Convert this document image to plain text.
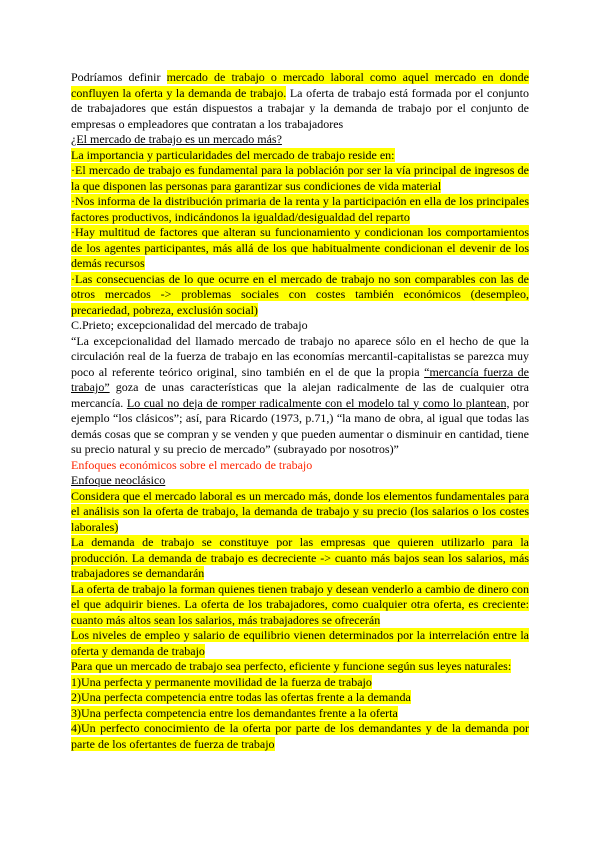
Podríamos definir mercado de trabajo o mercado laboral como aquel mercado en donde confluyen la oferta y la demanda de trabajo. La oferta de trabajo está formada por el conjunto de trabajadores que están dispuestos a trabajar y la demanda de trabajo por el conjunto de empresas o empleadores que contratan a los trabajadores

¿El mercado de trabajo es un mercado más?

La importancia y particularidades del mercado de trabajo reside en:

·El mercado de trabajo es fundamental para la población por ser la vía principal de ingresos de la que disponen las personas para garantizar sus condiciones de vida material

·Nos informa de la distribución primaria de la renta y la participación en ella de los principales factores productivos, indicándonos la igualdad/desigualdad del reparto

·Hay multitud de factores que alteran su funcionamiento y condicionan los comportamientos de los agentes participantes, más allá de los que habitualmente condicionan el devenir de los demás recursos

·Las consecuencias de lo que ocurre en el mercado de trabajo no son comparables con las de otros mercados -> problemas sociales con costes también económicos (desempleo, precariedad, pobreza, exclusión social)

C.Prieto; excepcionalidad del mercado de trabajo

“La excepcionalidad del llamado mercado de trabajo no aparece sólo en el hecho de que la circulación real de la fuerza de trabajo en las economías mercantil-capitalistas se parezca muy poco al referente teórico original, sino también en el de que la propia “mercancía fuerza de trabajo” goza de unas características que la alejan radicalmente de las de cualquier otra mercancía. Lo cual no deja de romper radicalmente con el modelo tal y como lo plantean, por ejemplo “los clásicos”; así, para Ricardo (1973, p.71,) “la mano de obra, al igual que todas las demás cosas que se compran y se venden y que pueden aumentar o disminuir en cantidad, tiene su precio natural y su precio de mercado” (subrayado por nosotros)”

Enfoques económicos sobre el mercado de trabajo

Enfoque neoclásico

Considera que el mercado laboral es un mercado más, donde los elementos fundamentales para el análisis son la oferta de trabajo, la demanda de trabajo y su precio (los salarios o los costes laborales)

La demanda de trabajo se constituye por las empresas que quieren utilizarlo para la producción. La demanda de trabajo es decreciente -> cuanto más bajos sean los salarios, más trabajadores se demandarán

La oferta de trabajo la forman quienes tienen trabajo y desean venderlo a cambio de dinero con el que adquirir bienes. La oferta de los trabajadores, como cualquier otra oferta, es creciente: cuanto más altos sean los salarios, más trabajadores se ofrecerán

Los niveles de empleo y salario de equilibrio vienen determinados por la interrelación entre la oferta y demanda de trabajo

Para que un mercado de trabajo sea perfecto, eficiente y funcione según sus leyes naturales:

1)Una perfecta y permanente movilidad de la fuerza de trabajo

2)Una perfecta competencia entre todas las ofertas frente a la demanda

3)Una perfecta competencia entre los demandantes frente a la oferta

4)Un perfecto conocimiento de la oferta por parte de los demandantes y de la demanda por parte de los ofertantes de fuerza de trabajo
